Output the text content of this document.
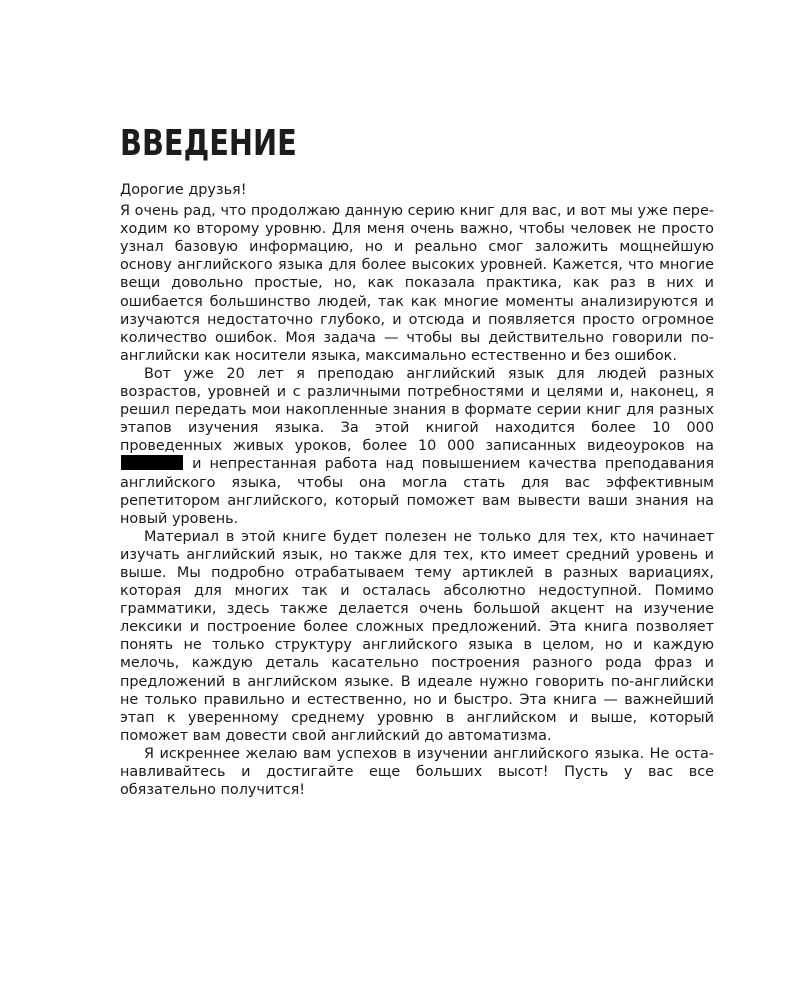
ВВЕДЕНИЕ

Дорогие друзья!

Я очень рад, что продолжаю данную серию книг для вас, и вот мы уже переходим ко второму уровню. Для меня очень важно, чтобы человек не просто узнал базовую информацию, но и реально смог заложить мощнейшую основу английского языка для более высоких уровней. Кажется, что многие вещи довольно простые, но, как показала практика, как раз в них и ошибается большинство людей, так как многие моменты анализируются и изучаются недостаточно глубоко, и отсюда и появляется просто огромное количество ошибок. Моя задача — чтобы вы действительно говорили по-английски как носители языка, максимально естественно и без ошибок.

Вот уже 20 лет я преподаю английский язык для людей разных возрастов, уровней и с различными потребностями и целями и, наконец, я решил передать мои накопленные знания в формате серии книг для разных этапов изучения языка. За этой книгой находится более 10 000 проведенных живых уроков, более 10 000 записанных видеоуроков на  и непрестанная работа над повышением качества преподавания английского языка, чтобы она могла стать для вас эффективным репетитором английского, который поможет вам вывести ваши знания на новый уровень.

Материал в этой книге будет полезен не только для тех, кто начинает изучать английский язык, но также для тех, кто имеет средний уровень и выше. Мы подробно отрабатываем тему артиклей в разных вариациях, которая для многих так и осталась абсолютно недоступной. Помимо грамматики, здесь также делается очень большой акцент на изучение лексики и построение более сложных предложений. Эта книга позволяет понять не только структуру английского языка в целом, но и каждую мелочь, каждую деталь касательно построения разного рода фраз и предложений в английском языке. В идеале нужно говорить по-английски не только правильно и естественно, но и быстро. Эта книга — важнейший этап к уверенному среднему уровню в английском и выше, который поможет вам довести свой английский до автоматизма.

Я искреннее желаю вам успехов в изучении английского языка. Не останавливайтесь и достигайте еще больших высот! Пусть у вас все обязательно получится!
